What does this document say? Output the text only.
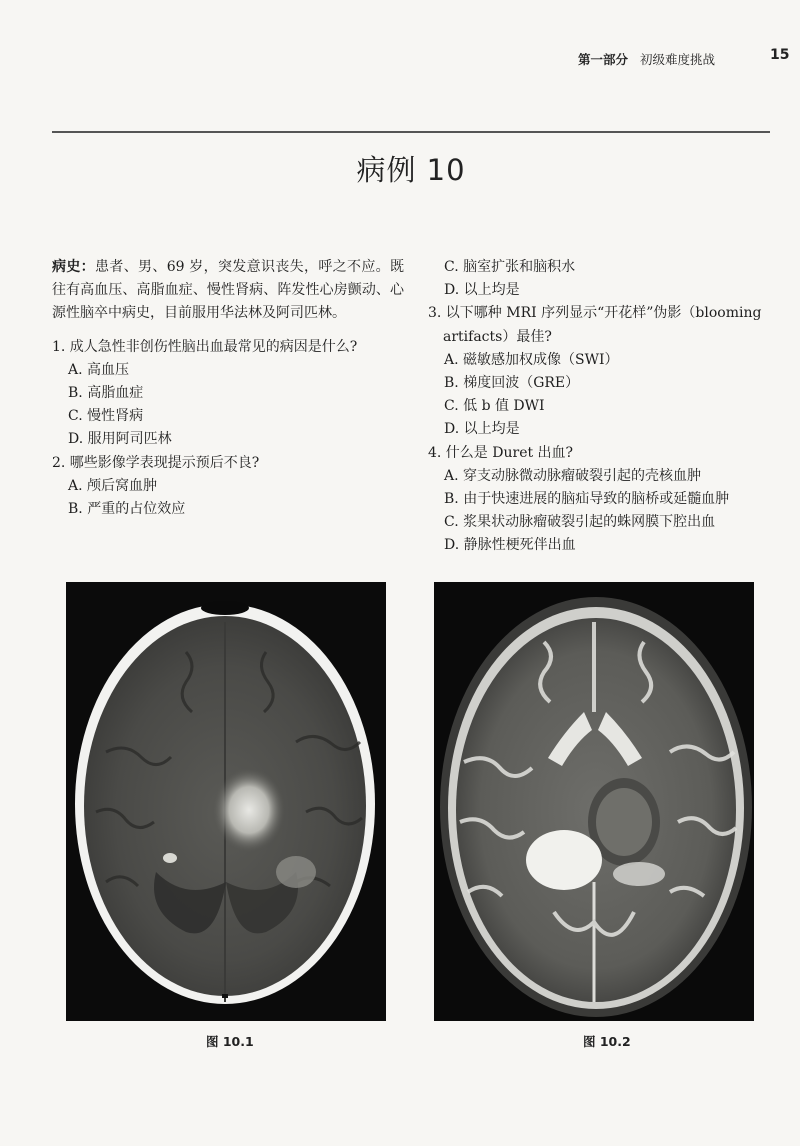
第一部分 初级难度挑战	15
病例 10
病史：患者、男、69 岁，突发意识丧失，呼之不应。既往有高血压、高脂血症、慢性肾病、阵发性心房颤动、心源性脑卒中病史，目前服用华法林及阿司匹林。
1. 成人急性非创伤性脑出血最常见的病因是什么?
A. 高血压
B. 高脂血症
C. 慢性肾病
D. 服用阿司匹林
2. 哪些影像学表现提示预后不良?
A. 颅后窝血肿
B. 严重的占位效应
C. 脑室扩张和脑积水
D. 以上均是
3. 以下哪种 MRI 序列显示“开花样”伪影（blooming
artifacts）最佳?
A. 磁敏感加权成像（SWI）
B. 梯度回波（GRE）
C. 低 b 值 DWI
D. 以上均是
4. 什么是 Duret 出血?
A. 穿支动脉微动脉瘤破裂引起的壳核血肿
B. 由于快速进展的脑疝导致的脑桥或延髓血肿
C. 浆果状动脉瘤破裂引起的蛛网膜下腔出血
D. 静脉性梗死伴出血
图 10.1	图 10.2
